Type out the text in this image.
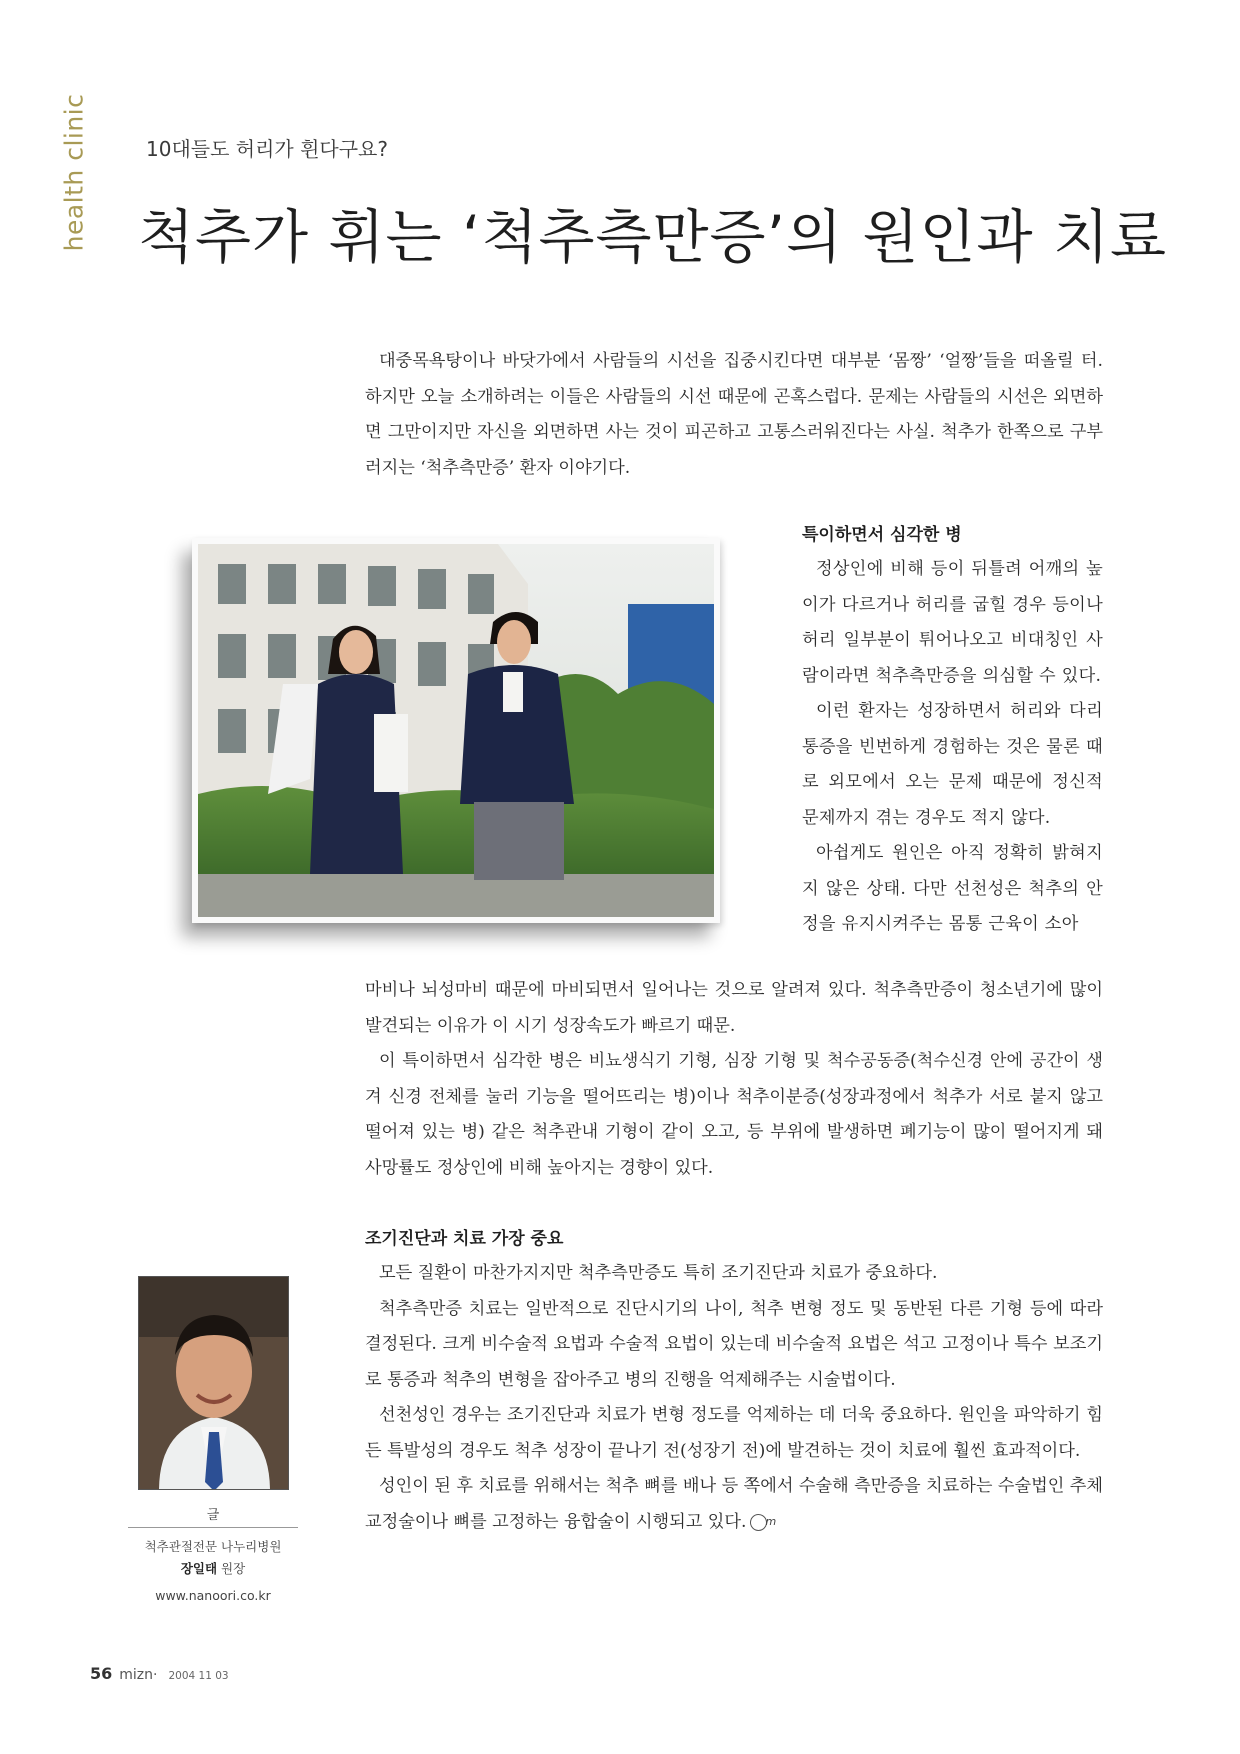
health clinic	10대들도 허리가 휜다구요?
척추가 휘는 ‘척추측만증’의 원인과 치료

대중목욕탕이나 바닷가에서 사람들의 시선을 집중시킨다면 대부분 ‘몸짱’ ‘얼짱’들을 떠올릴 터. 하지만 오늘 소개하려는 이들은 사람들의 시선 때문에 곤혹스럽다. 문제는 사람들의 시선은 외면하면 그만이지만 자신을 외면하면 사는 것이 피곤하고 고통스러워진다는 사실. 척추가 한쪽으로 구부러지는 ‘척추측만증’ 환자 이야기다.

특이하면서 심각한 병

정상인에 비해 등이 뒤틀려 어깨의 높이가 다르거나 허리를 굽힐 경우 등이나 허리 일부분이 튀어나오고 비대칭인 사람이라면 척추측만증을 의심할 수 있다.

이런 환자는 성장하면서 허리와 다리 통증을 빈번하게 경험하는 것은 물론 때로 외모에서 오는 문제 때문에 정신적 문제까지 겪는 경우도 적지 않다.

아쉽게도 원인은 아직 정확히 밝혀지지 않은 상태. 다만 선천성은 척추의 안정을 유지시켜주는 몸통 근육이 소아

마비나 뇌성마비 때문에 마비되면서 일어나는 것으로 알려져 있다. 척추측만증이 청소년기에 많이 발견되는 이유가 이 시기 성장속도가 빠르기 때문.

이 특이하면서 심각한 병은 비뇨생식기 기형, 심장 기형 및 척수공동증(척수신경 안에 공간이 생겨 신경 전체를 눌러 기능을 떨어뜨리는 병)이나 척추이분증(성장과정에서 척추가 서로 붙지 않고 떨어져 있는 병) 같은 척추관내 기형이 같이 오고, 등 부위에 발생하면 폐기능이 많이 떨어지게 돼 사망률도 정상인에 비해 높아지는 경향이 있다.

조기진단과 치료 가장 중요

모든 질환이 마찬가지지만 척추측만증도 특히 조기진단과 치료가 중요하다.

척추측만증 치료는 일반적으로 진단시기의 나이, 척추 변형 정도 및 동반된 다른 기형 등에 따라 결정된다. 크게 비수술적 요법과 수술적 요법이 있는데 비수술적 요법은 석고 고정이나 특수 보조기로 통증과 척추의 변형을 잡아주고 병의 진행을 억제해주는 시술법이다.

선천성인 경우는 조기진단과 치료가 변형 정도를 억제하는 데 더욱 중요하다. 원인을 파악하기 힘든 특발성의 경우도 척추 성장이 끝나기 전(성장기 전)에 발견하는 것이 치료에 훨씬 효과적이다.

성인이 된 후 치료를 위해서는 척추 뼈를 배나 등 쪽에서 수술해 측만증을 치료하는 수술법인 추체교정술이나 뼈를 고정하는 융합술이 시행되고 있다. m

글
척추관절전문 나누리병원
장일태 원장
www.nanoori.co.kr
56 mizn· 2004 11 03
